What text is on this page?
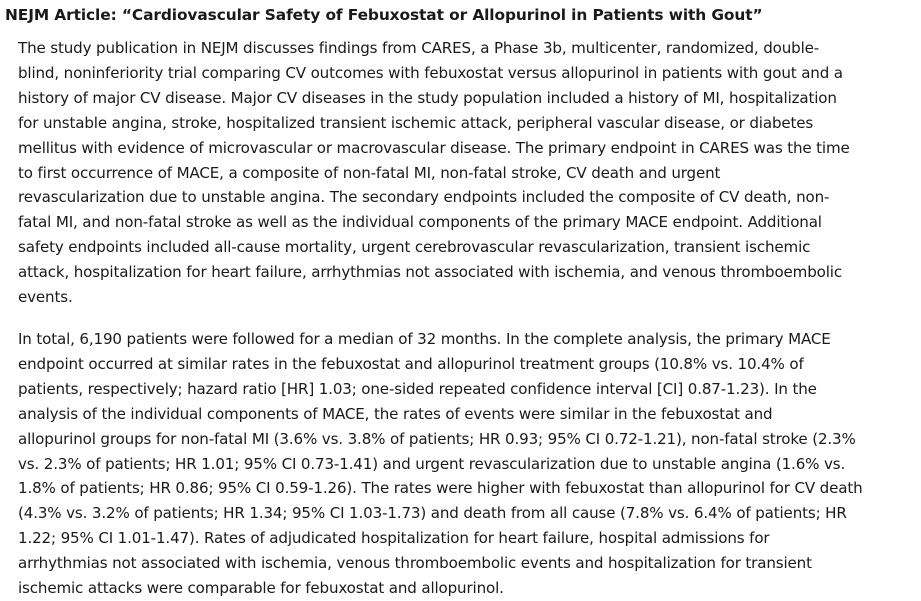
NEJM Article: “Cardiovascular Safety of Febuxostat or Allopurinol in Patients with Gout”

The study publication in NEJM discusses findings from CARES, a Phase 3b, multicenter, randomized, double-
blind, noninferiority trial comparing CV outcomes with febuxostat versus allopurinol in patients with gout and a
history of major CV disease. Major CV diseases in the study population included a history of MI, hospitalization
for unstable angina, stroke, hospitalized transient ischemic attack, peripheral vascular disease, or diabetes
mellitus with evidence of microvascular or macrovascular disease. The primary endpoint in CARES was the time
to first occurrence of MACE, a composite of non-fatal MI, non-fatal stroke, CV death and urgent
revascularization due to unstable angina. The secondary endpoints included the composite of CV death, non-
fatal MI, and non-fatal stroke as well as the individual components of the primary MACE endpoint. Additional
safety endpoints included all-cause mortality, urgent cerebrovascular revascularization, transient ischemic
attack, hospitalization for heart failure, arrhythmias not associated with ischemia, and venous thromboembolic
events.

In total, 6,190 patients were followed for a median of 32 months. In the complete analysis, the primary MACE
endpoint occurred at similar rates in the febuxostat and allopurinol treatment groups (10.8% vs. 10.4% of
patients, respectively; hazard ratio [HR] 1.03; one-sided repeated confidence interval [CI] 0.87-1.23). In the
analysis of the individual components of MACE, the rates of events were similar in the febuxostat and
allopurinol groups for non-fatal MI (3.6% vs. 3.8% of patients; HR 0.93; 95% CI 0.72-1.21), non-fatal stroke (2.3%
vs. 2.3% of patients; HR 1.01; 95% CI 0.73-1.41) and urgent revascularization due to unstable angina (1.6% vs.
1.8% of patients; HR 0.86; 95% CI 0.59-1.26). The rates were higher with febuxostat than allopurinol for CV death
(4.3% vs. 3.2% of patients; HR 1.34; 95% CI 1.03-1.73) and death from all cause (7.8% vs. 6.4% of patients; HR
1.22; 95% CI 1.01-1.47). Rates of adjudicated hospitalization for heart failure, hospital admissions for
arrhythmias not associated with ischemia, venous thromboembolic events and hospitalization for transient
ischemic attacks were comparable for febuxostat and allopurinol.
